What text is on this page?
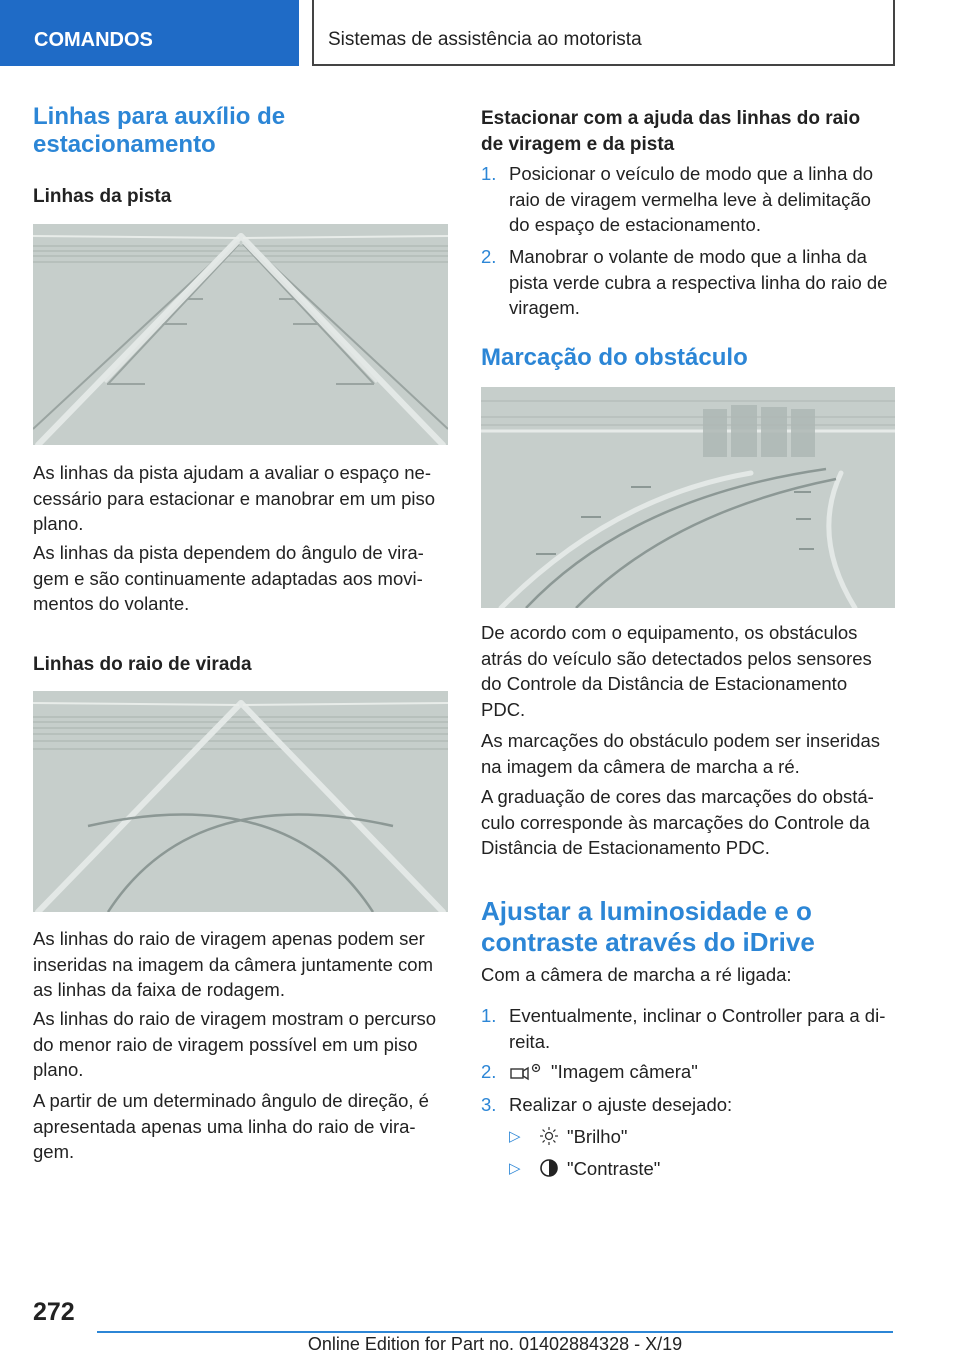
COMANDOS	Sistemas de assistência ao motorista
Linhas para auxílio de
estacionamento
Linhas da pista
As linhas da pista ajudam a avaliar o espaço ne-
cessário para estacionar e manobrar em um piso
plano.
As linhas da pista dependem do ângulo de vira-
gem e são continuamente adaptadas aos movi-
mentos do volante.
Linhas do raio de virada
As linhas do raio de viragem apenas podem ser
inseridas na imagem da câmera juntamente com
as linhas da faixa de rodagem.
As linhas do raio de viragem mostram o percurso
do menor raio de viragem possível em um piso
plano.
A partir de um determinado ângulo de direção, é
apresentada apenas uma linha do raio de vira-
gem.
Estacionar com a ajuda das linhas do raio
de viragem e da pista
1. Posicionar o veículo de modo que a linha do
raio de viragem vermelha leve à delimitação
do espaço de estacionamento.
2. Manobrar o volante de modo que a linha da
pista verde cubra a respectiva linha do raio de
viragem.
Marcação do obstáculo
De acordo com o equipamento, os obstáculos
atrás do veículo são detectados pelos sensores
do Controle da Distância de Estacionamento
PDC.
As marcações do obstáculo podem ser inseridas
na imagem da câmera de marcha a ré.
A graduação de cores das marcações do obstá-
culo corresponde às marcações do Controle da
Distância de Estacionamento PDC.
Ajustar a luminosidade e o
contraste através do iDrive
Com a câmera de marcha a ré ligada:
1. Eventualmente, inclinar o Controller para a di-
reita.
2.	"Imagem câmera"
3. Realizar o ajuste desejado:
▷	"Brilho"
▷	"Contraste"
272
Online Edition for Part no. 01402884328 - X/19
